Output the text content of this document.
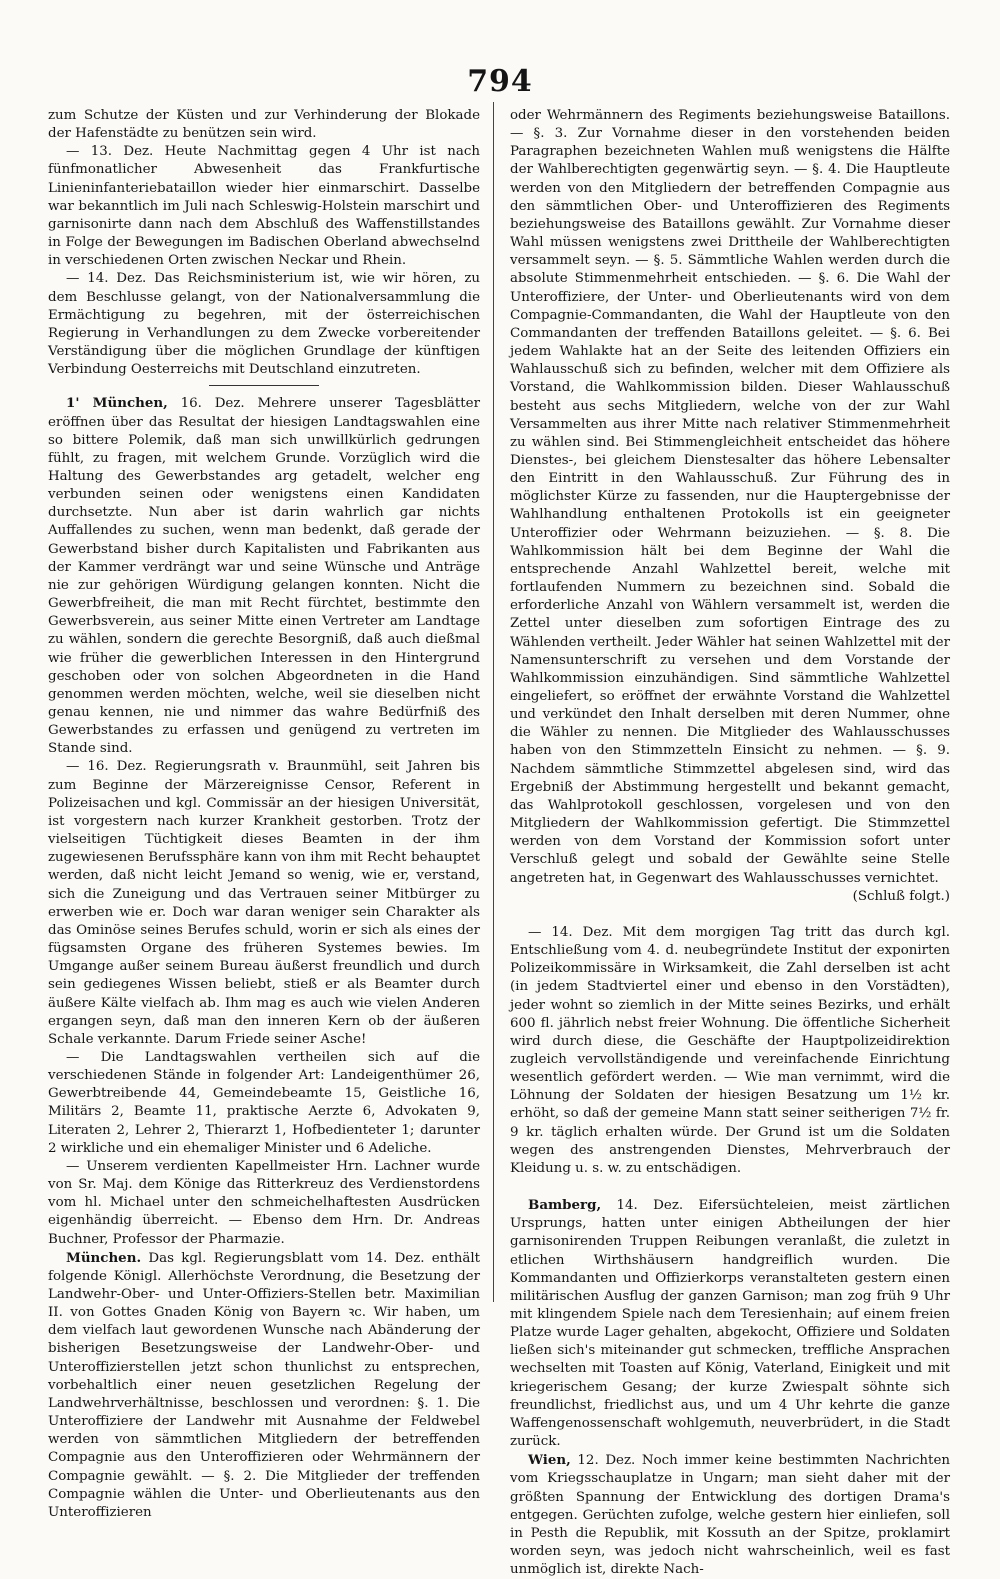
794

zum Schutze der Küsten und zur Verhinderung der Blokade der Hafenstädte zu benützen sein wird.

— 13. Dez. Heute Nachmittag gegen 4 Uhr ist nach fünfmonatlicher Abwesenheit das Frankfurtische Linieninfanteriebataillon wieder hier einmarschirt. Dasselbe war bekanntlich im Juli nach Schleswig-Holstein marschirt und garnisonirte dann nach dem Abschluß des Waffenstillstandes in Folge der Bewegungen im Badischen Oberland abwechselnd in verschiedenen Orten zwischen Neckar und Rhein.

— 14. Dez. Das Reichsministerium ist, wie wir hören, zu dem Beschlusse gelangt, von der Nationalversammlung die Ermächtigung zu begehren, mit der österreichischen Regierung in Verhandlungen zu dem Zwecke vorbereitender Verständigung über die möglichen Grundlage der künftigen Verbindung Oesterreichs mit Deutschland einzutreten.

1' München, 16. Dez. Mehrere unserer Tagesblätter eröffnen über das Resultat der hiesigen Landtagswahlen eine so bittere Polemik, daß man sich unwillkürlich gedrungen fühlt, zu fragen, mit welchem Grunde. Vorzüglich wird die Haltung des Gewerbstandes arg getadelt, welcher eng verbunden seinen oder wenigstens einen Kandidaten durchsetzte. Nun aber ist darin wahrlich gar nichts Auffallendes zu suchen, wenn man bedenkt, daß gerade der Gewerbstand bisher durch Kapitalisten und Fabrikanten aus der Kammer verdrängt war und seine Wünsche und Anträge nie zur gehörigen Würdigung gelangen konnten. Nicht die Gewerbfreiheit, die man mit Recht fürchtet, bestimmte den Gewerbsverein, aus seiner Mitte einen Vertreter am Landtage zu wählen, sondern die gerechte Besorgniß, daß auch dießmal wie früher die gewerblichen Interessen in den Hintergrund geschoben oder von solchen Abgeordneten in die Hand genommen werden möchten, welche, weil sie dieselben nicht genau kennen, nie und nimmer das wahre Bedürfniß des Gewerbstandes zu erfassen und genügend zu vertreten im Stande sind.

— 16. Dez. Regierungsrath v. Braunmühl, seit Jahren bis zum Beginne der Märzereignisse Censor, Referent in Polizeisachen und kgl. Commissär an der hiesigen Universität, ist vorgestern nach kurzer Krankheit gestorben. Trotz der vielseitigen Tüchtigkeit dieses Beamten in der ihm zugewiesenen Berufssphäre kann von ihm mit Recht behauptet werden, daß nicht leicht Jemand so wenig, wie er, verstand, sich die Zuneigung und das Vertrauen seiner Mitbürger zu erwerben wie er. Doch war daran weniger sein Charakter als das Ominöse seines Berufes schuld, worin er sich als eines der fügsamsten Organe des früheren Systemes bewies. Im Umgange außer seinem Bureau äußerst freundlich und durch sein gediegenes Wissen beliebt, stieß er als Beamter durch äußere Kälte vielfach ab. Ihm mag es auch wie vielen Anderen ergangen seyn, daß man den inneren Kern ob der äußeren Schale verkannte. Darum Friede seiner Asche!

— Die Landtagswahlen vertheilen sich auf die verschiedenen Stände in folgender Art: Landeigenthümer 26, Gewerbtreibende 44, Gemeindebeamte 15, Geistliche 16, Militärs 2, Beamte 11, praktische Aerzte 6, Advokaten 9, Literaten 2, Lehrer 2, Thierarzt 1, Hofbedienteter 1; darunter 2 wirkliche und ein ehemaliger Minister und 6 Adeliche.

— Unserem verdienten Kapellmeister Hrn. Lachner wurde von Sr. Maj. dem Könige das Ritterkreuz des Verdienstordens vom hl. Michael unter den schmeichelhaftesten Ausdrücken eigenhändig überreicht. — Ebenso dem Hrn. Dr. Andreas Buchner, Professor der Pharmazie.

München. Das kgl. Regierungsblatt vom 14. Dez. enthält folgende Königl. Allerhöchste Verordnung, die Besetzung der Landwehr-Ober- und Unter-Offiziers-Stellen betr. Maximilian II. von Gottes Gnaden König von Bayern ꝛc. Wir haben, um dem vielfach laut gewordenen Wunsche nach Abänderung der bisherigen Besetzungsweise der Landwehr-Ober- und Unteroffizierstellen jetzt schon thunlichst zu entsprechen, vorbehaltlich einer neuen gesetzlichen Regelung der Landwehrverhältnisse, beschlossen und verordnen: §. 1. Die Unteroffiziere der Landwehr mit Ausnahme der Feldwebel werden von sämmtlichen Mitgliedern der betreffenden Compagnie aus den Unteroffizieren oder Wehrmännern der Compagnie gewählt. — §. 2. Die Mitglieder der treffenden Compagnie wählen die Unter- und Oberlieutenants aus den Unteroffizieren

oder Wehrmännern des Regiments beziehungsweise Bataillons. — §. 3. Zur Vornahme dieser in den vorstehenden beiden Paragraphen bezeichneten Wahlen muß wenigstens die Hälfte der Wahlberechtigten gegenwärtig seyn. — §. 4. Die Hauptleute werden von den Mitgliedern der betreffenden Compagnie aus den sämmtlichen Ober- und Unteroffizieren des Regiments beziehungsweise des Bataillons gewählt. Zur Vornahme dieser Wahl müssen wenigstens zwei Drittheile der Wahlberechtigten versammelt seyn. — §. 5. Sämmtliche Wahlen werden durch die absolute Stimmenmehrheit entschieden. — §. 6. Die Wahl der Unteroffiziere, der Unter- und Oberlieutenants wird von dem Compagnie-Commandanten, die Wahl der Hauptleute von den Commandanten der treffenden Bataillons geleitet. — §. 6. Bei jedem Wahlakte hat an der Seite des leitenden Offiziers ein Wahlausschuß sich zu befinden, welcher mit dem Offiziere als Vorstand, die Wahlkommission bilden. Dieser Wahlausschuß besteht aus sechs Mitgliedern, welche von der zur Wahl Versammelten aus ihrer Mitte nach relativer Stimmenmehrheit zu wählen sind. Bei Stimmengleichheit entscheidet das höhere Dienstes-, bei gleichem Dienstesalter das höhere Lebensalter den Eintritt in den Wahlausschuß. Zur Führung des in möglichster Kürze zu fassenden, nur die Hauptergebnisse der Wahlhandlung enthaltenen Protokolls ist ein geeigneter Unteroffizier oder Wehrmann beizuziehen. — §. 8. Die Wahlkommission hält bei dem Beginne der Wahl die entsprechende Anzahl Wahlzettel bereit, welche mit fortlaufenden Nummern zu bezeichnen sind. Sobald die erforderliche Anzahl von Wählern versammelt ist, werden die Zettel unter dieselben zum sofortigen Eintrage des zu Wählenden vertheilt. Jeder Wähler hat seinen Wahlzettel mit der Namensunterschrift zu versehen und dem Vorstande der Wahlkommission einzuhändigen. Sind sämmtliche Wahlzettel eingeliefert, so eröffnet der erwähnte Vorstand die Wahlzettel und verkündet den Inhalt derselben mit deren Nummer, ohne die Wähler zu nennen. Die Mitglieder des Wahlausschusses haben von den Stimmzetteln Einsicht zu nehmen. — §. 9. Nachdem sämmtliche Stimmzettel abgelesen sind, wird das Ergebniß der Abstimmung hergestellt und bekannt gemacht, das Wahlprotokoll geschlossen, vorgelesen und von den Mitgliedern der Wahlkommission gefertigt. Die Stimmzettel werden von dem Vorstand der Kommission sofort unter Verschluß gelegt und sobald der Gewählte seine Stelle angetreten hat, in Gegenwart des Wahlausschusses vernichtet.

(Schluß folgt.)

— 14. Dez. Mit dem morgigen Tag tritt das durch kgl. Entschließung vom 4. d. neubegründete Institut der exponirten Polizeikommissäre in Wirksamkeit, die Zahl derselben ist acht (in jedem Stadtviertel einer und ebenso in den Vorstädten), jeder wohnt so ziemlich in der Mitte seines Bezirks, und erhält 600 fl. jährlich nebst freier Wohnung. Die öffentliche Sicherheit wird durch diese, die Geschäfte der Hauptpolizeidirektion zugleich vervollständigende und vereinfachende Einrichtung wesentlich gefördert werden. — Wie man vernimmt, wird die Löhnung der Soldaten der hiesigen Besatzung um 1½ kr. erhöht, so daß der gemeine Mann statt seiner seitherigen 7½ fr. 9 kr. täglich erhalten würde. Der Grund ist um die Soldaten wegen des anstrengenden Dienstes, Mehrverbrauch der Kleidung u. s. w. zu entschädigen.

Bamberg, 14. Dez. Eifersüchteleien, meist zärtlichen Ursprungs, hatten unter einigen Abtheilungen der hier garnisonirenden Truppen Reibungen veranlaßt, die zuletzt in etlichen Wirthshäusern handgreiflich wurden. Die Kommandanten und Offizierkorps veranstalteten gestern einen militärischen Ausflug der ganzen Garnison; man zog früh 9 Uhr mit klingendem Spiele nach dem Teresienhain; auf einem freien Platze wurde Lager gehalten, abgekocht, Offiziere und Soldaten ließen sich's miteinander gut schmecken, treffliche Ansprachen wechselten mit Toasten auf König, Vaterland, Einigkeit und mit kriegerischem Gesang; der kurze Zwiespalt söhnte sich freundlichst, friedlichst aus, und um 4 Uhr kehrte die ganze Waffengenossenschaft wohlgemuth, neuverbrüdert, in die Stadt zurück.

Wien, 12. Dez. Noch immer keine bestimmten Nachrichten vom Kriegsschauplatze in Ungarn; man sieht daher mit der größten Spannung der Entwicklung des dortigen Drama's entgegen. Gerüchten zufolge, welche gestern hier einliefen, soll in Pesth die Republik, mit Kossuth an der Spitze, proklamirt worden seyn, was jedoch nicht wahrscheinlich, weil es fast unmöglich ist, direkte Nach-
